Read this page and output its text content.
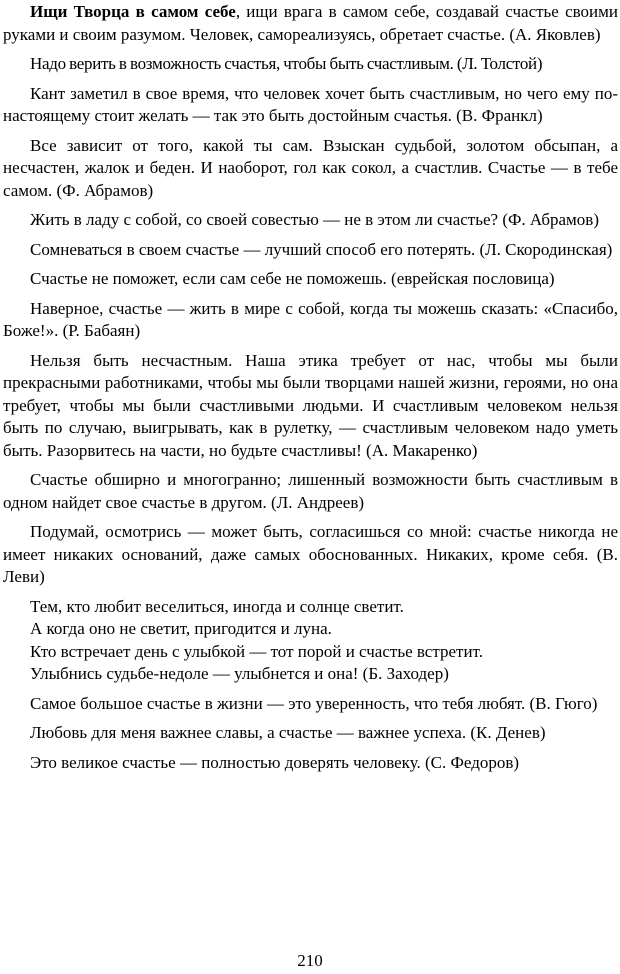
Ищи Творца в самом себе, ищи врага в самом себе, создавай счастье своими руками и своим разумом. Человек, самореализуясь, обретает счастье. (А. Яковлев)

Надо верить в возможность счастья, чтобы быть счастливым. (Л. Толстой)

Кант заметил в свое время, что человек хочет быть счастливым, но чего ему по-настоящему стоит желать — так это быть достойным счастья. (В. Франкл)

Все зависит от того, какой ты сам. Взыскан судьбой, золотом обсыпан, а несчастен, жалок и беден. И наоборот, гол как сокол, а счастлив. Счастье — в тебе самом. (Ф. Абрамов)

Жить в ладу с собой, со своей совестью — не в этом ли счастье? (Ф. Абрамов)

Сомневаться в своем счастье — лучший способ его потерять. (Л. Скородинская)

Счастье не поможет, если сам себе не поможешь. (еврейская пословица)

Наверное, счастье — жить в мире с собой, когда ты можешь сказать: «Спасибо, Боже!». (Р. Бабаян)

Нельзя быть несчастным. Наша этика требует от нас, чтобы мы были прекрасными работниками, чтобы мы были творцами нашей жизни, героями, но она требует, чтобы мы были счастливыми людьми. И счастливым человеком нельзя быть по случаю, выигрывать, как в рулетку, — счастливым человеком надо уметь быть. Разорвитесь на части, но будьте счастливы! (А. Макаренко)

Счастье обширно и многогранно; лишенный возможности быть счастливым в одном найдет свое счастье в другом. (Л. Андреев)

Подумай, осмотрись — может быть, согласишься со мной: счастье никогда не имеет никаких оснований, даже самых обоснованных. Никаких, кроме себя. (В. Леви)

Тем, кто любит веселиться, иногда и солнце светит.
А когда оно не светит, пригодится и луна.
Кто встречает день с улыбкой — тот порой и счастье встретит.
Улыбнись судьбе-недоле — улыбнется и она! (Б. Заходер)

Самое большое счастье в жизни — это уверенность, что тебя любят. (В. Гюго)

Любовь для меня важнее славы, а счастье — важнее успеха. (К. Денев)

Это великое счастье — полностью доверять человеку. (С. Федоров)

210
